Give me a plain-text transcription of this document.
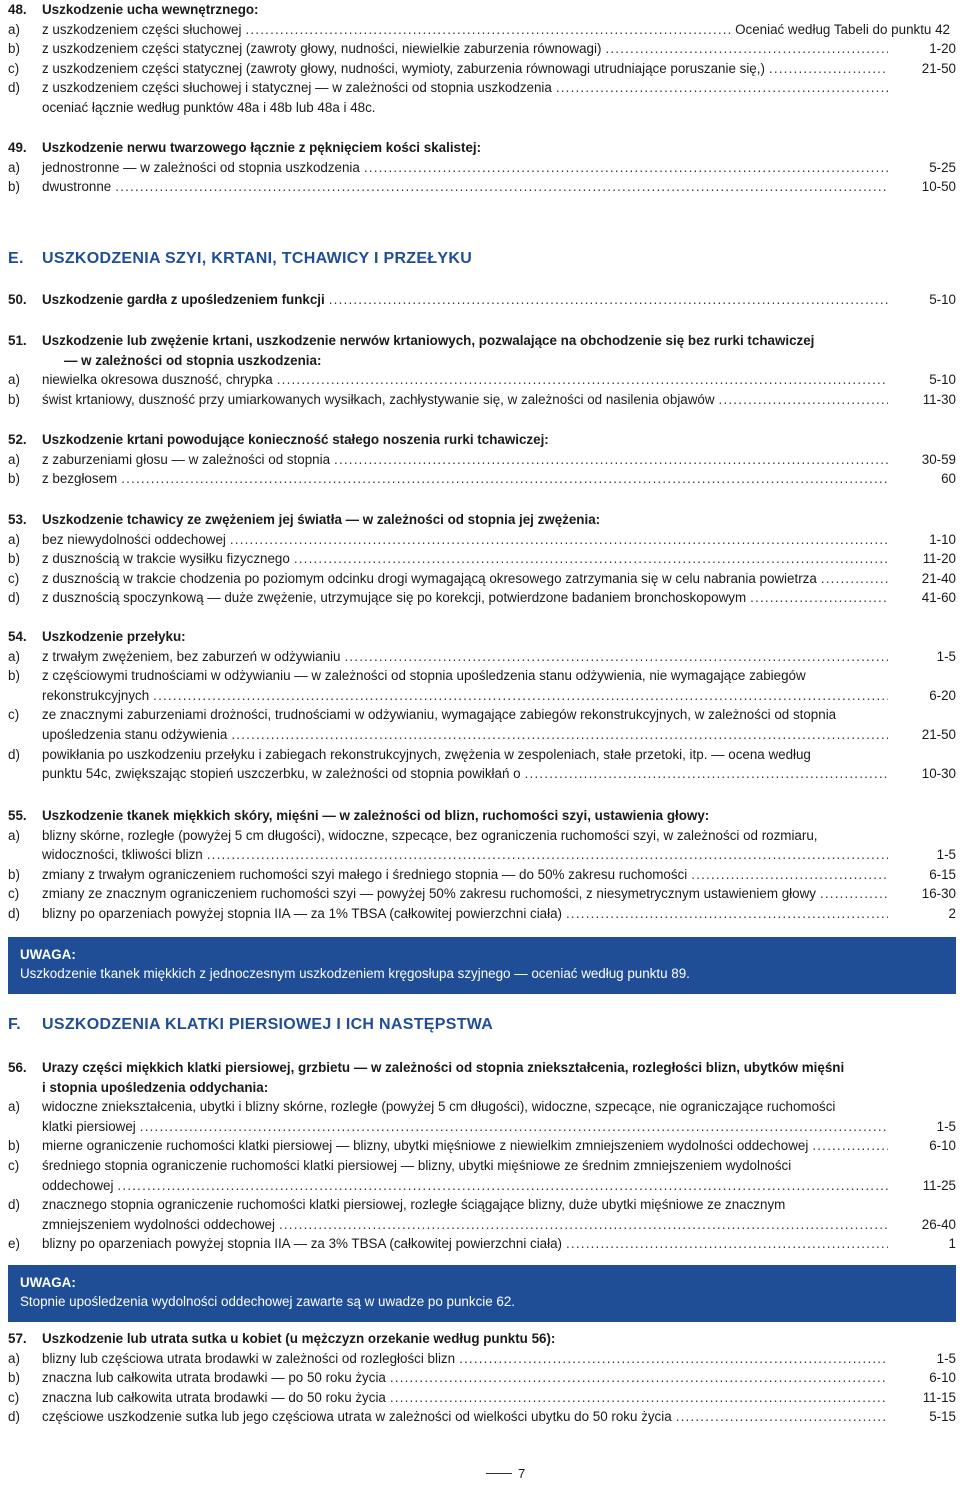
48.	Uszkodzenie ucha wewnętrznego:
a)	z uszkodzeniem części słuchowej .....	Oceniać według Tabeli do punktu 42
b)	z uszkodzeniem części statycznej (zawroty głowy, nudności, niewielkie zaburzenia równowagi) .....	1-20
c)	z uszkodzeniem części statycznej (zawroty głowy, nudności, wymioty, zaburzenia równowagi utrudniające poruszanie się,) .....	21-50
d)	z uszkodzeniem części słuchowej i statycznej — w zależności od stopnia uszkodzenia
.....
oceniać łącznie według punktów 48a i 48b lub 48a i 48c.
49.	Uszkodzenie nerwu twarzowego łącznie z pęknięciem kości skalistej:
a)	jednostronne — w zależności od stopnia uszkodzenia .....	5-25
b)	dwustronne .....	10-50
E. USZKODZENIA SZYI, KRTANI, TCHAWICY I PRZEŁYKU
50.	Uszkodzenie gardła z upośledzeniem funkcji .....	5-10
51.	Uszkodzenie lub zwężenie krtani, uszkodzenie nerwów krtaniowych, pozwalające na obchodzenie się bez rurki tchawiczej
— w zależności od stopnia uszkodzenia:
a)	niewielka okresowa duszność, chrypka .....	5-10
b)	świst krtaniowy, duszność przy umiarkowanych wysiłkach, zachłystywanie się, w zależności od nasilenia objawów .....	11-30
52.	Uszkodzenie krtani powodujące konieczność stałego noszenia rurki tchawiczej:
a)	z zaburzeniami głosu — w zależności od stopnia .....	30-59
b)	z bezgłosem .....	60
53.	Uszkodzenie tchawicy ze zwężeniem jej światła — w zależności od stopnia jej zwężenia:
a)	bez niewydolności oddechowej .....	1-10
b)	z dusznością w trakcie wysiłku fizycznego .....	11-20
c)	z dusznością w trakcie chodzenia po poziomym odcinku drogi wymagającą okresowego zatrzymania się w celu nabrania powietrza .....	21-40
d)	z dusznością spoczynkową — duże zwężenie, utrzymujące się po korekcji, potwierdzone badaniem bronchoskopowym .....	41-60
54.	Uszkodzenie przełyku:
a)	z trwałym zwężeniem, bez zaburzeń w odżywianiu .....	1-5
b)	z częściowymi trudnościami w odżywianiu — w zależności od stopnia upośledzenia stanu odżywienia, nie wymagające zabiegów
rekonstrukcyjnych .....	6-20
c)	ze znacznymi zaburzeniami drożności, trudnościami w odżywianiu, wymagające zabiegów rekonstrukcyjnych, w zależności od stopnia
upośledzenia stanu odżywienia .....	21-50
d)	powikłania po uszkodzeniu przełyku i zabiegach rekonstrukcyjnych, zwężenia w zespoleniach, stałe przetoki, itp. — ocena według
punktu 54c, zwiększając stopień uszczerbku, w zależności od stopnia powikłań o .....	10-30
55.	Uszkodzenie tkanek miękkich skóry, mięśni — w zależności od blizn, ruchomości szyi, ustawienia głowy:
a)	blizny skórne, rozległe (powyżej 5 cm długości), widoczne, szpecące, bez ograniczenia ruchomości szyi, w zależności od rozmiaru,
widoczności, tkliwości blizn .....	1-5
b)	zmiany z trwałym ograniczeniem ruchomości szyi małego i średniego stopnia — do 50% zakresu ruchomości .....	6-15
c)	zmiany ze znacznym ograniczeniem ruchomości szyi — powyżej 50% zakresu ruchomości, z niesymetrycznym ustawieniem głowy .....	16-30
d)	blizny po oparzeniach powyżej stopnia IIA — za 1% TBSA (całkowitej powierzchni ciała) .....	2
UWAGA:
Uszkodzenie tkanek miękkich z jednoczesnym uszkodzeniem kręgosłupa szyjnego — oceniać według punktu 89.
F. USZKODZENIA KLATKI PIERSIOWEJ I ICH NASTĘPSTWA
56.	Urazy części miękkich klatki piersiowej, grzbietu — w zależności od stopnia zniekształcenia, rozległości blizn, ubytków mięśni
i stopnia upośledzenia oddychania:
a)	widoczne zniekształcenia, ubytki i blizny skórne, rozległe (powyżej 5 cm długości), widoczne, szpecące, nie ograniczające ruchomości
klatki piersiowej .....	1-5
b)	mierne ograniczenie ruchomości klatki piersiowej — blizny, ubytki mięśniowe z niewielkim zmniejszeniem wydolności oddechowej .....	6-10
c)	średniego stopnia ograniczenie ruchomości klatki piersiowej — blizny, ubytki mięśniowe ze średnim zmniejszeniem wydolności
oddechowej .....	11-25
d)	znacznego stopnia ograniczenie ruchomości klatki piersiowej, rozległe ściągające blizny, duże ubytki mięśniowe ze znacznym
zmniejszeniem wydolności oddechowej .....	26-40
e)	blizny po oparzeniach powyżej stopnia IIA — za 3% TBSA (całkowitej powierzchni ciała) .....	1
UWAGA:
Stopnie upośledzenia wydolności oddechowej zawarte są w uwadze po punkcie 62.
57.	Uszkodzenie lub utrata sutka u kobiet (u mężczyzn orzekanie według punktu 56):
a)	blizny lub częściowa utrata brodawki w zależności od rozległości blizn .....	1-5
b)	znaczna lub całkowita utrata brodawki — po 50 roku życia .....	6-10
c)	znaczna lub całkowita utrata brodawki — do 50 roku życia .....	11-15
d)	częściowe uszkodzenie sutka lub jego częściowa utrata w zależności od wielkości ubytku do 50 roku życia .....	5-15
7
